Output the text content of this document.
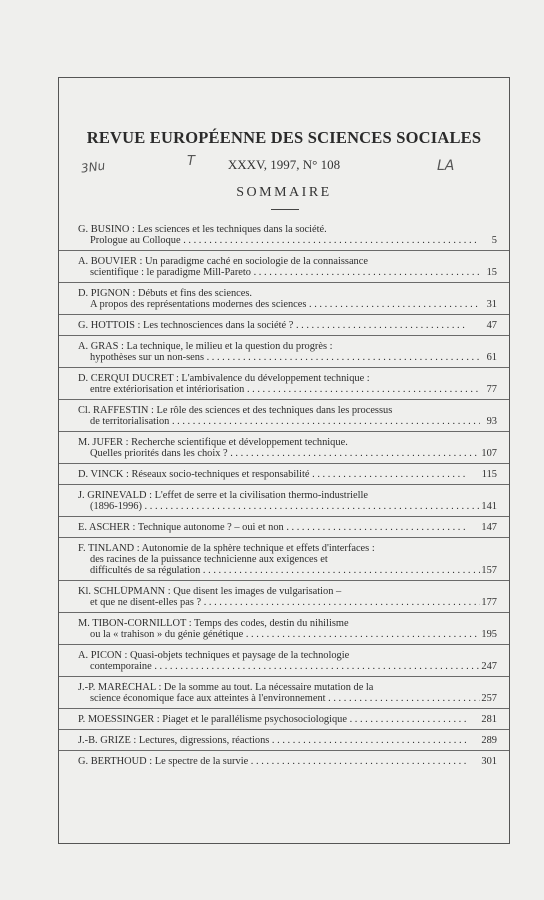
REVUE EUROPÉENNE DES SCIENCES SOCIALES
3Nu	T	XXXV, 1997, N° 108	LA
SOMMAIRE
G. BUSINO : Les sciences et les techniques dans la société.
Prologue au Colloque . . .	5
A. BOUVIER : Un paradigme caché en sociologie de la connaissance
scientifique : le paradigme Mill-Pareto . . .	15
D. PIGNON : Débuts et fins des sciences.
A propos des représentations modernes des sciences . . .	31
G. HOTTOIS : Les technosciences dans la société ? . . .	47
A. GRAS : La technique, le milieu et la question du progrès :
hypothèses sur un non-sens . . .	61
D. CERQUI DUCRET : L'ambivalence du développement technique :
entre extériorisation et intériorisation . . .	77
Cl. RAFFESTIN : Le rôle des sciences et des techniques dans les processus
de territorialisation . . .	93
M. JUFER : Recherche scientifique et développement technique.
Quelles priorités dans les choix ? . . .	107
D. VINCK : Réseaux socio-techniques et responsabilité . . .	115
J. GRINEVALD : L'effet de serre et la civilisation thermo-industrielle
(1896-1996) . . .	141
E. ASCHER : Technique autonome ? – oui et non . . .	147
F. TINLAND : Autonomie de la sphère technique et effets d'interfaces :
des racines de la puissance technicienne aux exigences et
difficultés de sa régulation . . .	157
Kl. SCHLÜPMANN : Que disent les images de vulgarisation –
et que ne disent-elles pas ? . . .	177
M. TIBON-CORNILLOT : Temps des codes, destin du nihilisme
ou la « trahison » du génie génétique . . .	195
A. PICON : Quasi-objets techniques et paysage de la technologie
contemporaine . . .	247
J.-P. MARÉCHAL : De la somme au tout. La nécessaire mutation de la
science économique face aux atteintes à l'environnement . . .	257
P. MOESSINGER : Piaget et le parallélisme psychosociologique . . .	281
J.-B. GRIZE : Lectures, digressions, réactions . . .	289
G. BERTHOUD : Le spectre de la survie . . .	301
